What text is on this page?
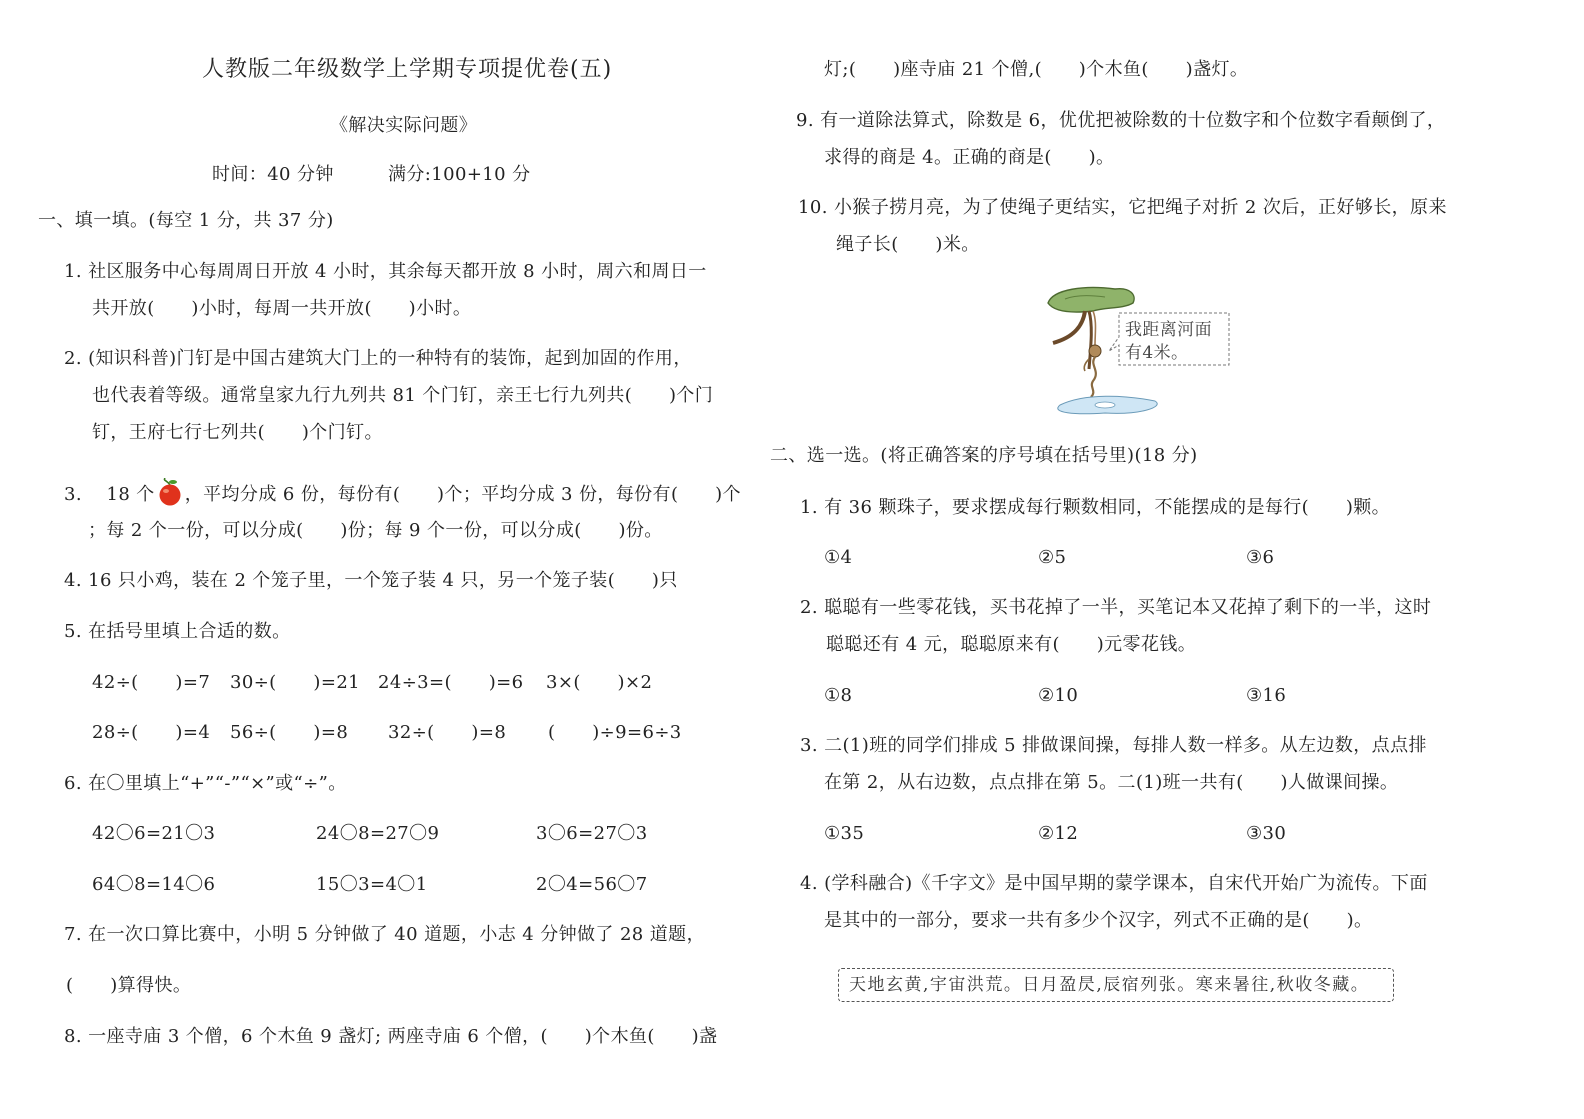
人教版二年级数学上学期专项提优卷(五)
《解决实际问题》
时间：40 分钟	满分:100+10 分
一、填一填。(每空 1 分，共 37 分)
1. 社区服务中心每周周日开放 4 小时，其余每天都开放 8 小时，周六和周日一
共开放(　　)小时，每周一共开放(　　)小时。
2. (知识科普)门钉是中国古建筑大门上的一种特有的装饰，起到加固的作用，
也代表着等级。通常皇家九行九列共 81 个门钉，亲王七行九列共(　　)个门
钉，王府七行七列共(　　)个门钉。
3. 18 个 ，平均分成 6 份，每份有(　　)个；平均分成 3 份，每份有(　　)个
；每 2 个一份，可以分成(　　)份；每 9 个一份，可以分成(　　)份。
4. 16 只小鸡，装在 2 个笼子里，一个笼子装 4 只，另一个笼子装(　　)只
5. 在括号里填上合适的数。
42÷(　　)=7 30÷(　　)=21 24÷3=(　　)=6 3×(　　)×2
28÷(　　)=4 56÷(　　)=8 32÷(　　)=8 (　　)÷9=6÷3
6. 在〇里填上“+”“-”“×”或“÷”。
42〇6=21〇3	24〇8=27〇9	3〇6=27〇3
64〇8=14〇6	15〇3=4〇1	2〇4=56〇7
7. 在一次口算比赛中，小明 5 分钟做了 40 道题，小志 4 分钟做了 28 道题，
(　　)算得快。
8. 一座寺庙 3 个僧，6 个木鱼 9 盏灯; 两座寺庙 6 个僧，(　　)个木鱼(　　)盏
灯;(　　)座寺庙 21 个僧,(　　)个木鱼(　　)盏灯。
9. 有一道除法算式，除数是 6，优优把被除数的十位数字和个位数字看颠倒了，
求得的商是 4。正确的商是(　　)。
10. 小猴子捞月亮，为了使绳子更结实，它把绳子对折 2 次后，正好够长，原来
绳子长(　　)米。
我距离河面
有4米。
二、选一选。(将正确答案的序号填在括号里)(18 分)
1. 有 36 颗珠子，要求摆成每行颗数相同，不能摆成的是每行(　　)颗。
①4	②5	③6
2. 聪聪有一些零花钱，买书花掉了一半，买笔记本又花掉了剩下的一半，这时
聪聪还有 4 元，聪聪原来有(　　)元零花钱。
①8	②10	③16
3. 二(1)班的同学们排成 5 排做课间操，每排人数一样多。从左边数，点点排
在第 2，从右边数，点点排在第 5。二(1)班一共有(　　)人做课间操。
①35	②12	③30
4. (学科融合)《千字文》是中国早期的蒙学课本，自宋代开始广为流传。下面
是其中的一部分，要求一共有多少个汉字，列式不正确的是(　　)。
天地玄黄,宇宙洪荒。日月盈昃,辰宿列张。寒来暑往,秋收冬藏。
